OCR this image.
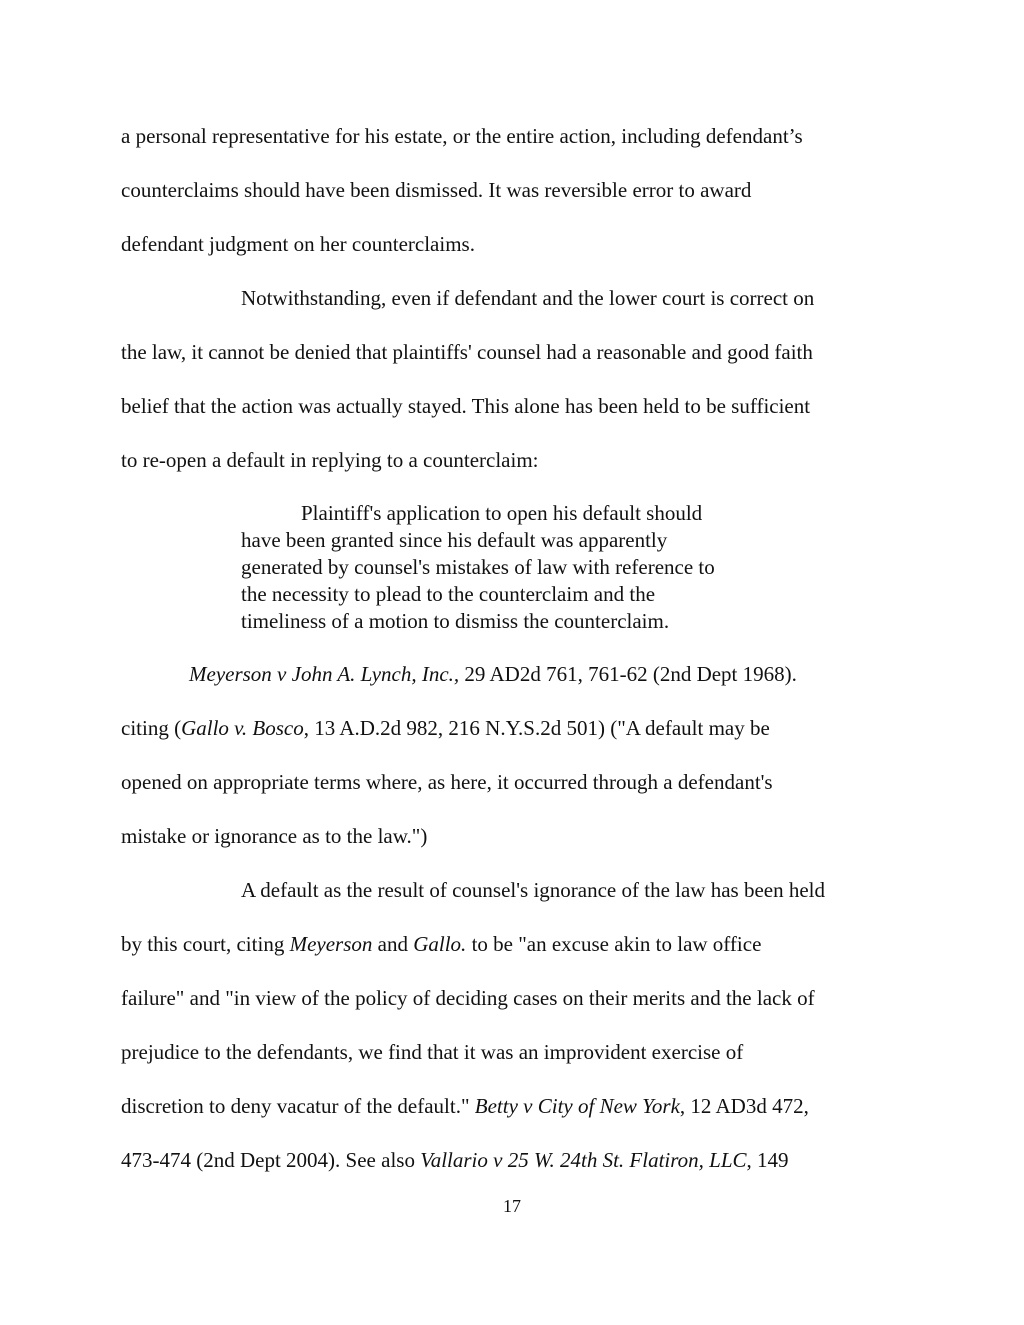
a personal representative for his estate, or the entire action, including defendant’s
counterclaims should have been dismissed. It was reversible error to award
defendant judgment on her counterclaims.
Notwithstanding, even if defendant and the lower court is correct on
the law, it cannot be denied that plaintiffs' counsel had a reasonable and good faith
belief that the action was actually stayed. This alone has been held to be sufficient
to re-open a default in replying to a counterclaim:
Plaintiff's application to open his default should
have been granted since his default was apparently
generated by counsel's mistakes of law with reference to
the necessity to plead to the counterclaim and the
timeliness of a motion to dismiss the counterclaim.
Meyerson v John A. Lynch, Inc., 29 AD2d 761, 761-62 (2nd Dept 1968).
citing (Gallo v. Bosco, 13 A.D.2d 982, 216 N.Y.S.2d 501) ("A default may be
opened on appropriate terms where, as here, it occurred through a defendant's
mistake or ignorance as to the law.")
A default as the result of counsel's ignorance of the law has been held
by this court, citing Meyerson and Gallo. to be "an excuse akin to law office
failure" and "in view of the policy of deciding cases on their merits and the lack of
prejudice to the defendants, we find that it was an improvident exercise of
discretion to deny vacatur of the default." Betty v City of New York, 12 AD3d 472,
473-474 (2nd Dept 2004). See also Vallario v 25 W. 24th St. Flatiron, LLC, 149
17
